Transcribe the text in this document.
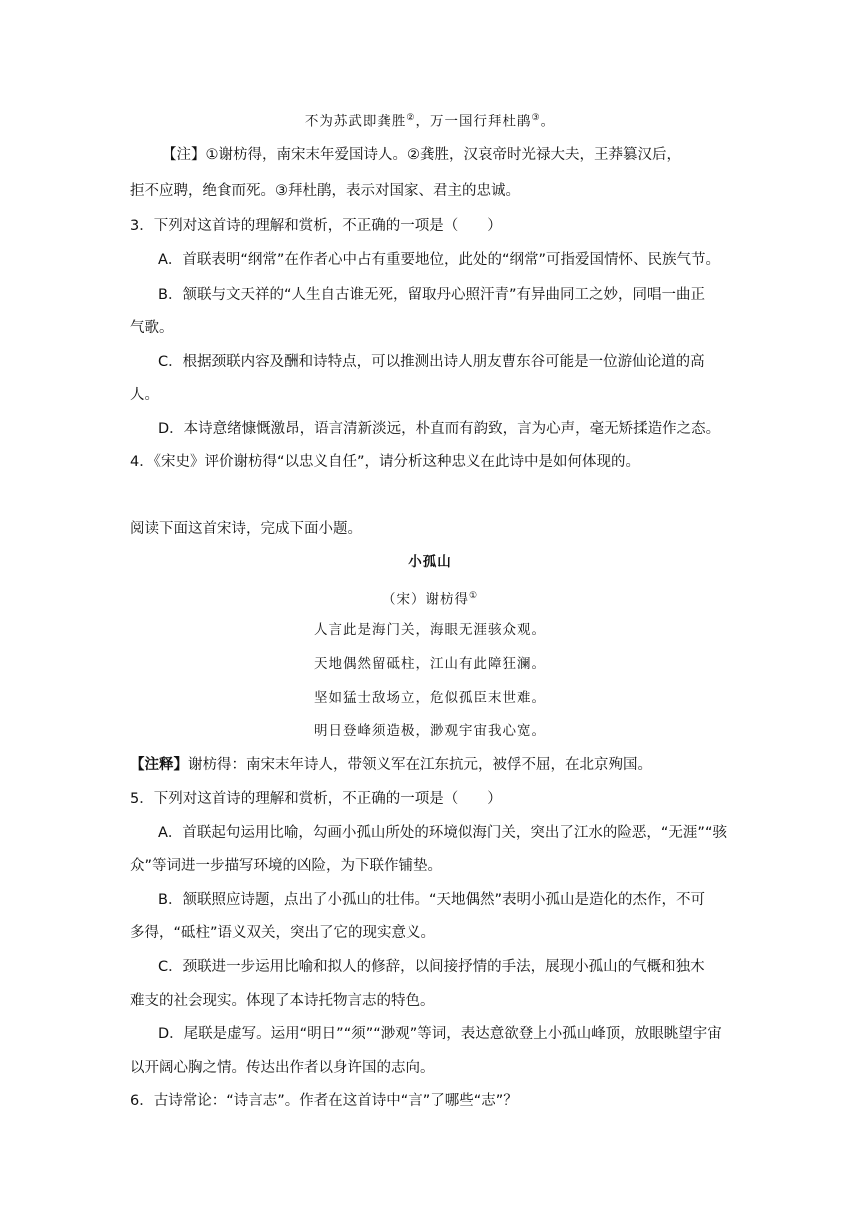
不为苏武即龚胜②，万一国行拜杜鹃③。
【注】①谢枋得，南宋末年爱国诗人。②龚胜，汉哀帝时光禄大夫，王莽篡汉后，
拒不应聘，绝食而死。③拜杜鹃，表示对国家、君主的忠诚。
3．下列对这首诗的理解和赏析，不正确的一项是（　　）
A．首联表明“纲常”在作者心中占有重要地位，此处的“纲常”可指爱国情怀、民族气节。
B．颔联与文天祥的“人生自古谁无死，留取丹心照汗青”有异曲同工之妙，同唱一曲正
气歌。
C．根据颈联内容及酬和诗特点，可以推测出诗人朋友曹东谷可能是一位游仙论道的高
人。
D．本诗意绪慷慨激昂，语言清新淡远，朴直而有韵致，言为心声，毫无矫揉造作之态。
4．《宋史》评价谢枋得“以忠义自任”，请分析这种忠义在此诗中是如何体现的。
阅读下面这首宋诗，完成下面小题。
小孤山
（宋）谢枋得①
人言此是海门关，海眼无涯骇众观。
天地偶然留砥柱，江山有此障狂澜。
坚如猛士敌场立，危似孤臣末世难。
明日登峰须造极，渺观宇宙我心宽。
【注释】谢枋得：南宋末年诗人，带领义军在江东抗元，被俘不屈，在北京殉国。
5．下列对这首诗的理解和赏析，不正确的一项是（　　）
A．首联起句运用比喻，勾画小孤山所处的环境似海门关，突出了江水的险恶，“无涯”“骇
众”等词进一步描写环境的凶险，为下联作铺垫。
B．颔联照应诗题，点出了小孤山的壮伟。“天地偶然”表明小孤山是造化的杰作，不可
多得，“砥柱”语义双关，突出了它的现实意义。
C．颈联进一步运用比喻和拟人的修辞，以间接抒情的手法，展现小孤山的气概和独木
难支的社会现实。体现了本诗托物言志的特色。
D．尾联是虚写。运用“明日”“须”“渺观”等词，表达意欲登上小孤山峰顶，放眼眺望宇宙
以开阔心胸之情。传达出作者以身许国的志向。
6．古诗常论：“诗言志”。作者在这首诗中“言”了哪些“志”？
